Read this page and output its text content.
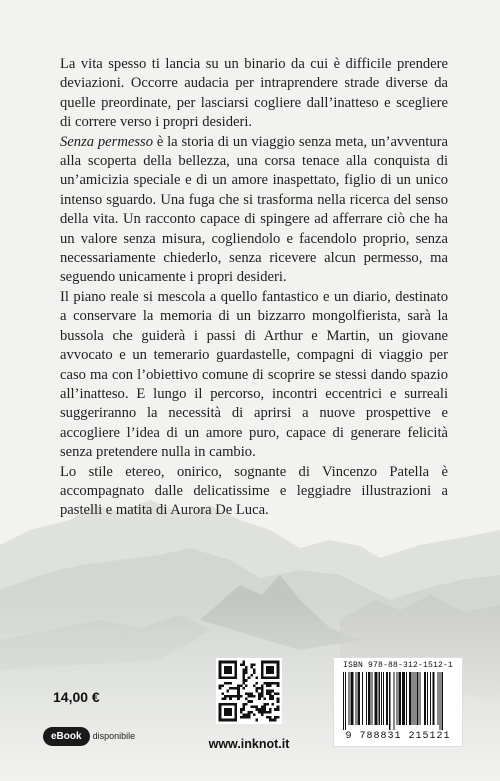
La vita spesso ti lancia su un binario da cui è difficile prendere deviazioni. Occorre audacia per intraprendere strade diverse da quelle preordinate, per lasciarsi cogliere dall’inatteso e scegliere di correre verso i propri desideri.

Senza permesso è la storia di un viaggio senza meta, un’avventura alla scoperta della bellezza, una corsa tenace alla conquista di un’amicizia speciale e di un amore inaspettato, figlio di un unico intenso sguardo. Una fuga che si trasforma nella ricerca del senso della vita. Un racconto capace di spingere ad afferrare ciò che ha un valore senza misura, cogliendolo e facendolo proprio, senza necessariamente chiederlo, senza ricevere alcun permesso, ma seguendo unicamente i propri desideri.

Il piano reale si mescola a quello fantastico e un diario, destinato a conservare la memoria di un bizzarro mongolfierista, sarà la bussola che guiderà i passi di Arthur e Martin, un giovane avvocato e un temerario guardastelle, compagni di viaggio per caso ma con l’obiettivo comune di scoprire se stessi dando spazio all’inatteso. E lungo il percorso, incontri eccentrici e surreali suggeriranno la necessità di aprirsi a nuove prospettive e accogliere l’idea di un amore puro, capace di generare felicità senza pretendere nulla in cambio.

Lo stile etereo, onirico, sognante di Vincenzo Patella è accompagnato dalle delicatissime e leggiadre illustrazioni a pastelli e matita di Aurora De Luca.

14,00 €
eBook	disponibile
www.inknot.it
ISBN 978-88-312-1512-1
9 788831 215121
